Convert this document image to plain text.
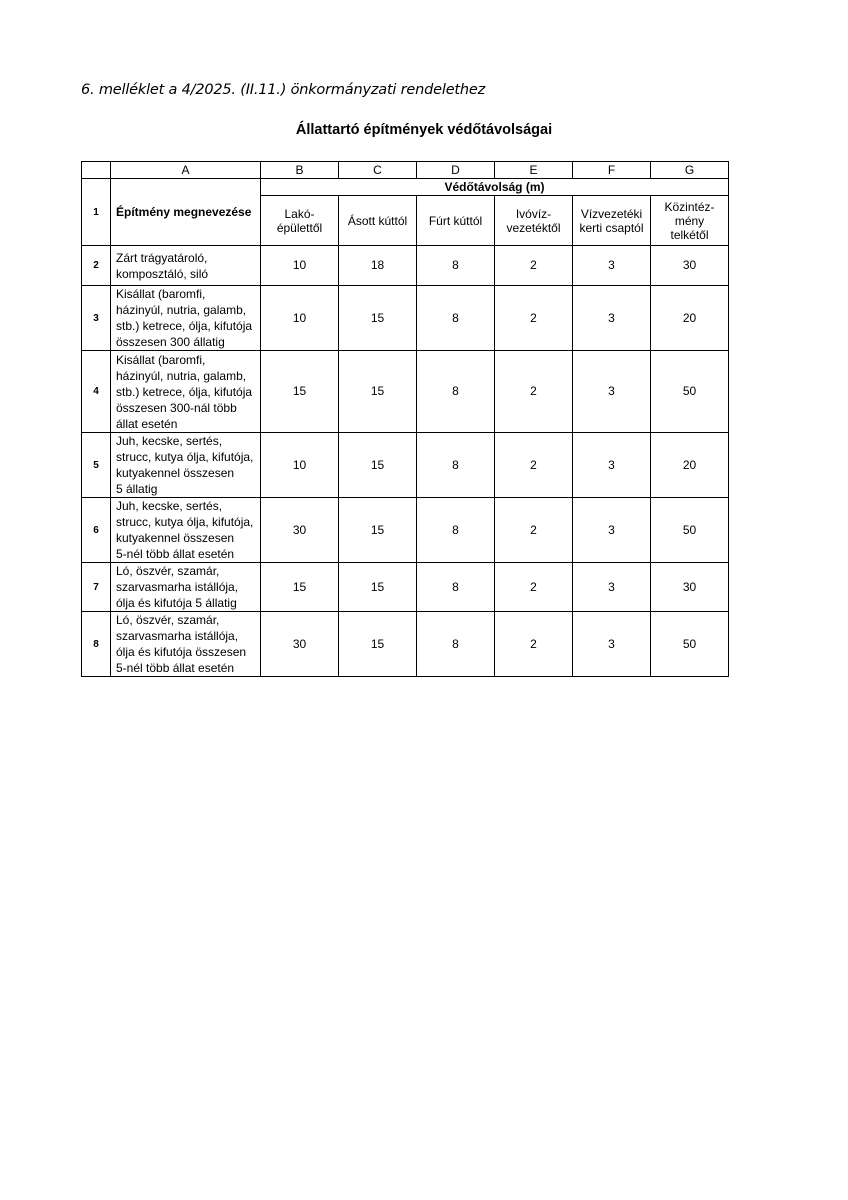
6. melléklet a 4/2025. (II.11.) önkormányzati rendelethez
Állattartó építmények védőtávolságai
	A	B	C	D	E	F	G
1	Építmény megnevezése	Védőtávolság (m)					
		Lakó-
épülettől	Ásott kúttól	Fúrt kúttól	Ivóvíz-
vezetéktől	Vízvezetéki
kerti csaptól	Közintéz-
mény
telkétől
2	Zárt trágyatároló,
komposztáló, siló	10	18	8	2	3	30
3	Kisállat (baromfi,
házinyúl, nutria, galamb,
stb.) ketrece, ólja, kifutója
összesen 300 állatig	10	15	8	2	3	20
4	Kisállat (baromfi,
házinyúl, nutria, galamb,
stb.) ketrece, ólja, kifutója
összesen 300-nál több
állat esetén	15	15	8	2	3	50
5	Juh, kecske, sertés,
strucc, kutya ólja, kifutója,
kutyakennel összesen
5 állatig	10	15	8	2	3	20
6	Juh, kecske, sertés,
strucc, kutya ólja, kifutója,
kutyakennel összesen
5-nél több állat esetén	30	15	8	2	3	50
7	Ló, öszvér, szamár,
szarvasmarha istállója,
ólja és kifutója 5 állatig	15	15	8	2	3	30
8	Ló, öszvér, szamár,
szarvasmarha istállója,
ólja és kifutója összesen
5-nél több állat esetén	30	15	8	2	3	50
